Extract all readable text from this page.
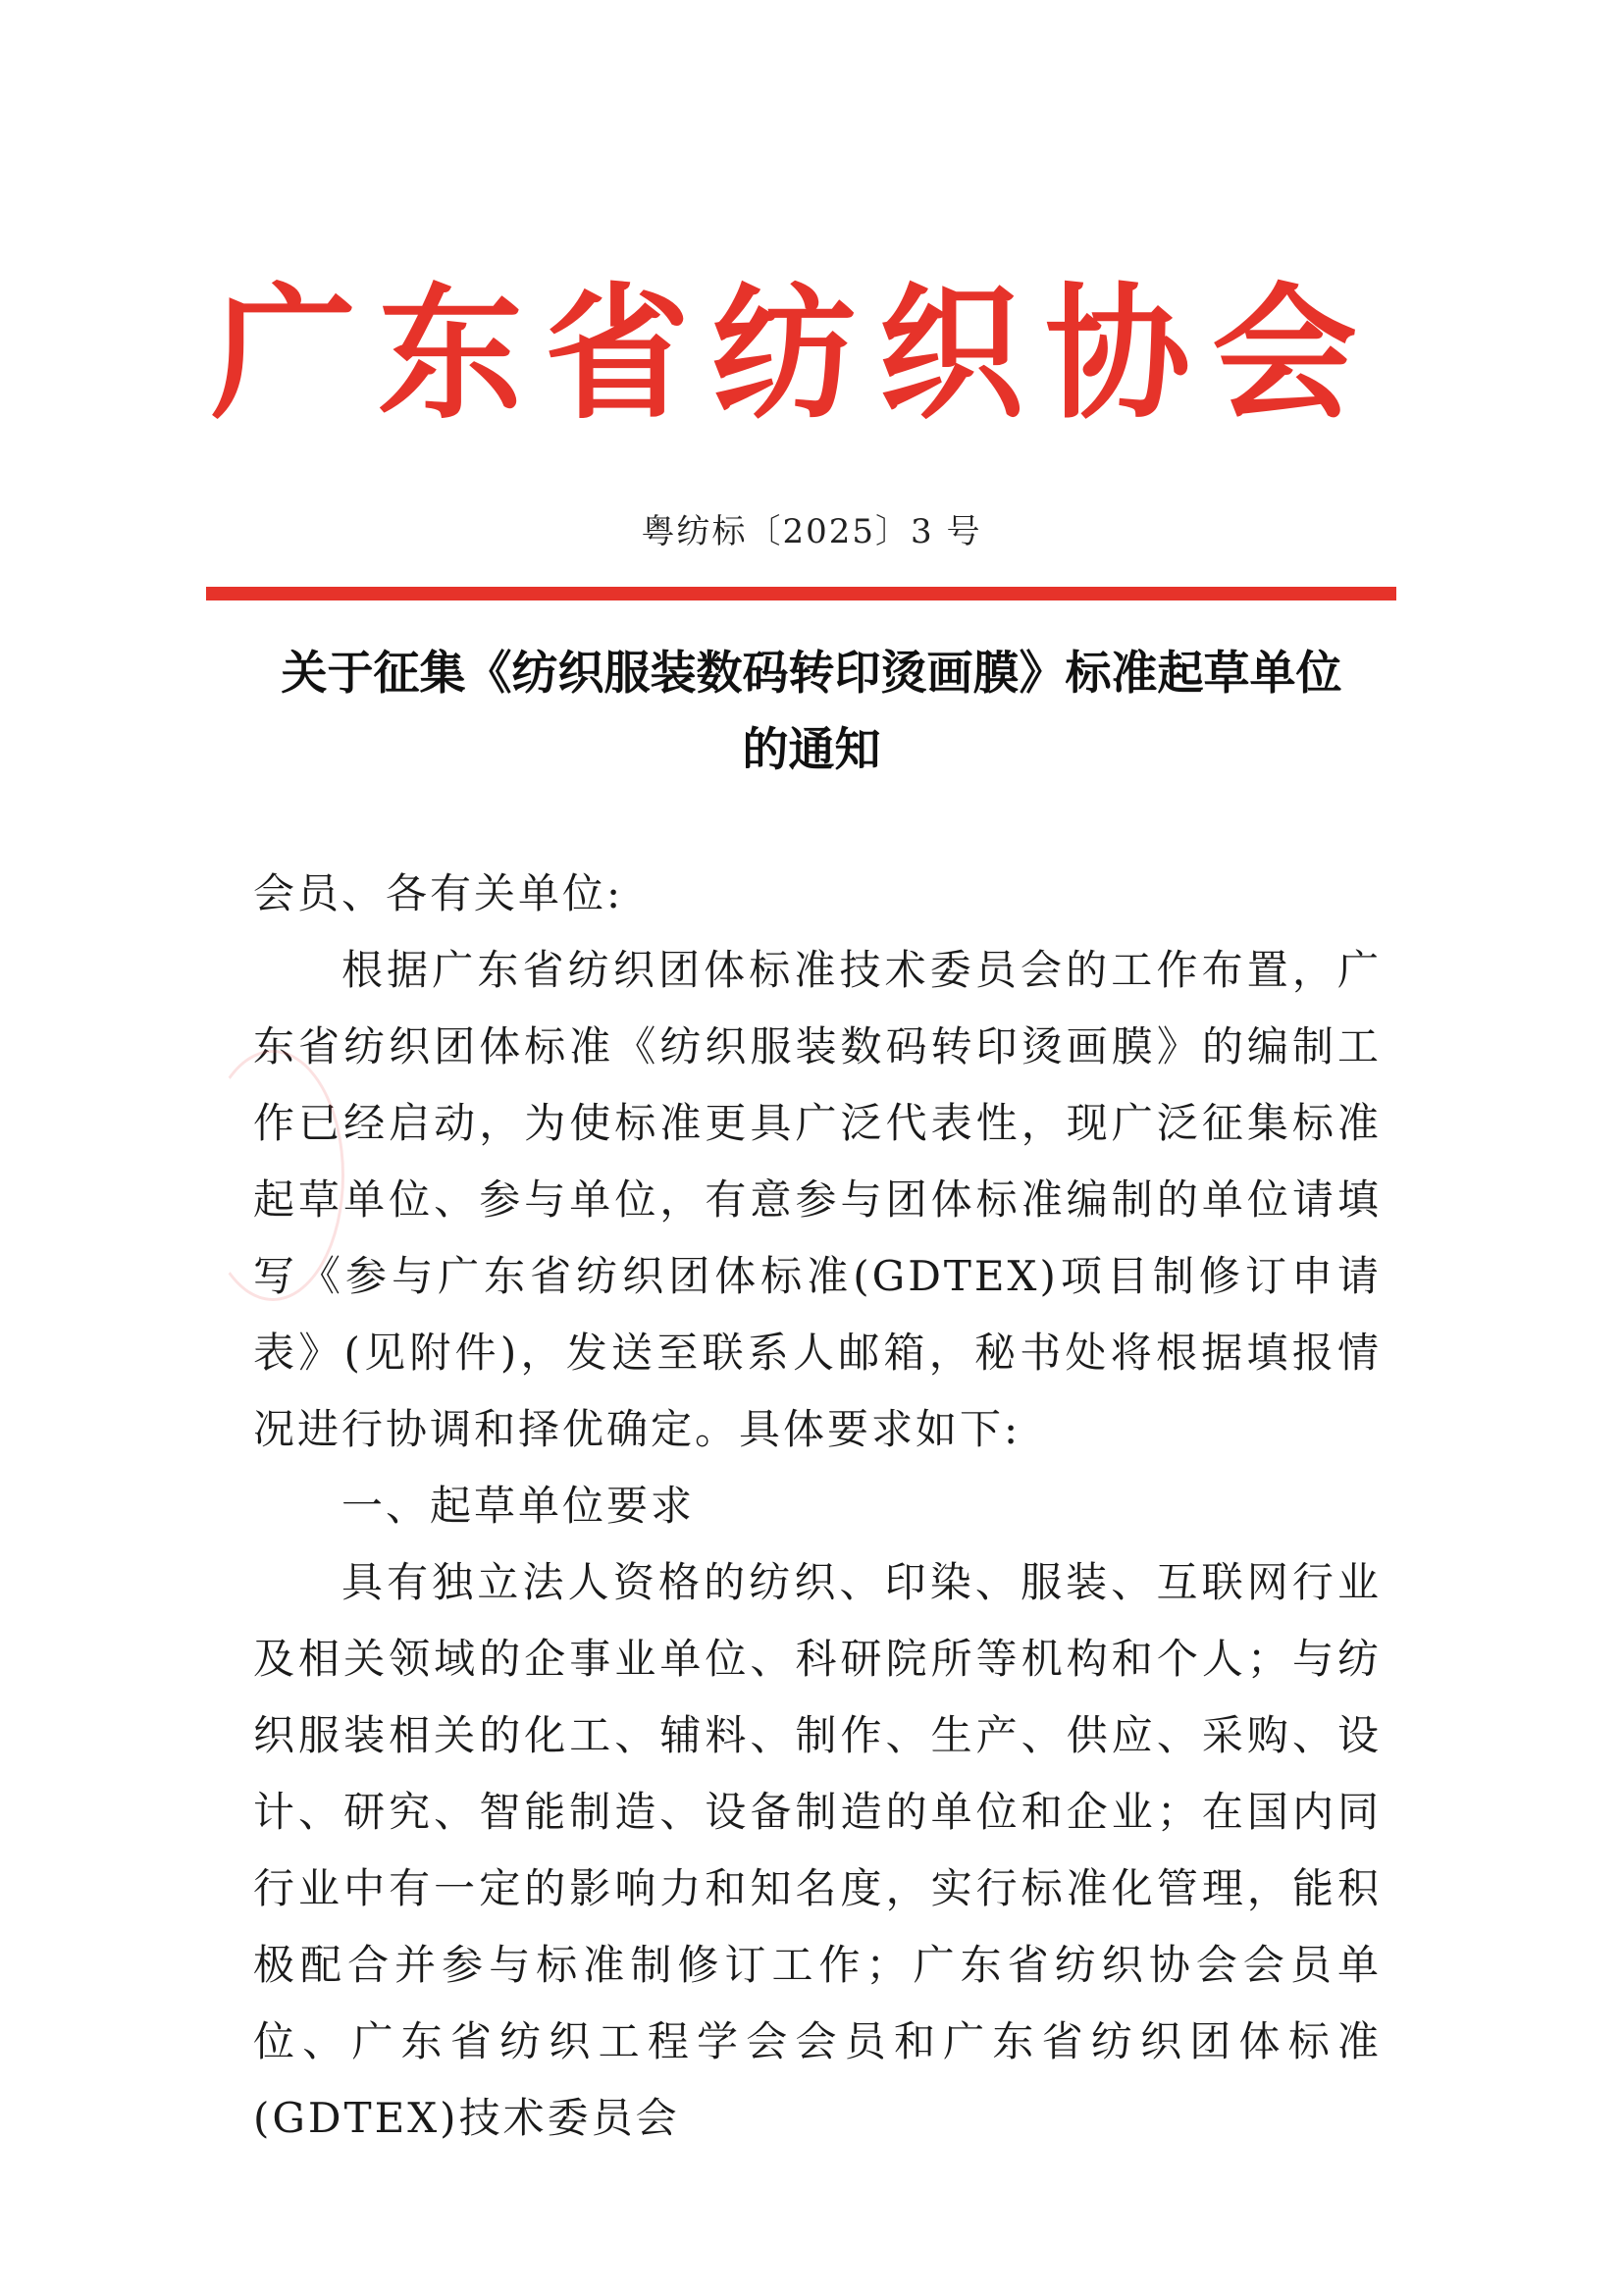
广东省纺织协会
粤纺标〔2025〕3 号
关于征集《纺织服装数码转印烫画膜》标准起草单位
的通知

会员、各有关单位:

根据广东省纺织团体标准技术委员会的工作布置，广东省纺织团体标准《纺织服装数码转印烫画膜》的编制工作已经启动，为使标准更具广泛代表性，现广泛征集标准起草单位、参与单位，有意参与团体标准编制的单位请填写《参与广东省纺织团体标准(GDTEX)项目制修订申请表》(见附件)，发送至联系人邮箱，秘书处将根据填报情况进行协调和择优确定。具体要求如下:

一、起草单位要求

具有独立法人资格的纺织、印染、服装、互联网行业及相关领域的企事业单位、科研院所等机构和个人；与纺织服装相关的化工、辅料、制作、生产、供应、采购、设计、研究、智能制造、设备制造的单位和企业；在国内同行业中有一定的影响力和知名度，实行标准化管理，能积极配合并参与标准制修订工作；广东省纺织协会会员单位、广东省纺织工程学会会员和广东省纺织团体标准(GDTEX)技术委员会
